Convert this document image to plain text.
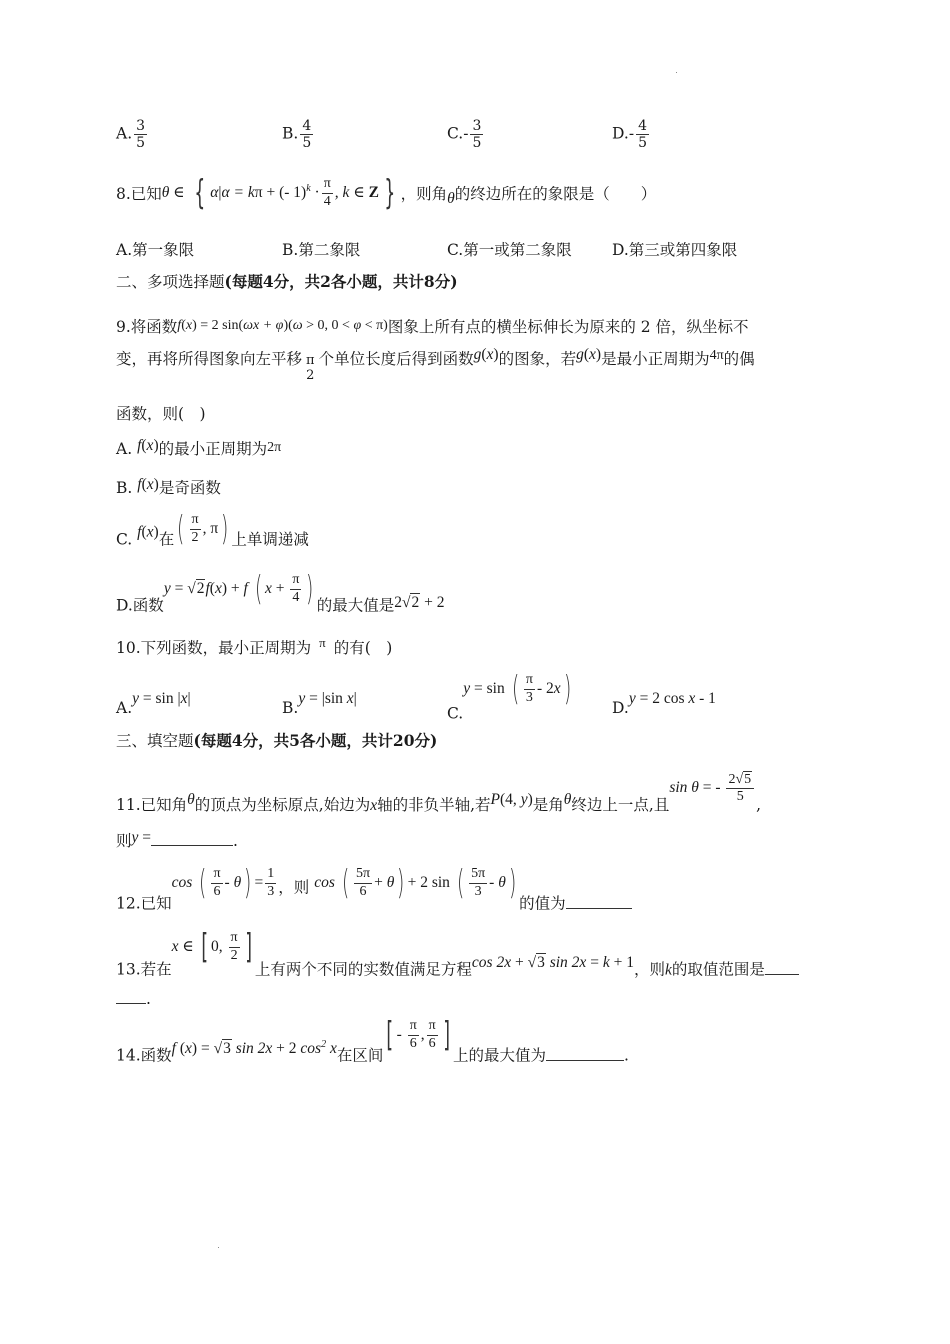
A. $\frac{3}{5}$	B. $\frac{4}{5}$	$C.- \frac{3}{5}$	$D.- \frac{4}{5}$
8.已知θ ∈ { α|α = kπ + (- $1)^k \cdot \frac{\pi}{4}$ , k ∈ Z } ，则角θ的终边所在的象限是（　　）
A.第一象限	B.第二象限	C.第一或第二象限	D.第三或第四象限
二、多项选择题(每题4分，共2各小题，共计8分)
9.将函数f(x) = 2 sin(ωx + φ)(ω > 0, 0 < φ < π)图象上所有点的横坐标伸长为原来的 2 倍，纵坐标不
变，再将所得图象向左平移 π
2
个单位长度后得到函数g(x)的图象，若g(x)是最小正周期为4π的偶
函数，则(　)
A. f(x)的最小正周期为2π
B. f(x)是奇函数
C. f(x)在( $\frac{\pi}{2}$ , π) 上单调递减
D.函数y = √2f(x) + f ( $x + \frac{\pi}{4}$ ) 的最大值是2√2 + 2
10.下列函数，最小正周期为 $^\pi$ 的有(　)
A.y = sin |x|
B.y = |sin x|
C.y = sin ( $\frac{\pi}{3} - 2x$)	D.y = 2 cos x - 1
三、填空题(每题4分，共5各小题，共计20分)
11.已知角θ的顶点为坐标原点,始边为x轴的非负半轴,若P(4, y)是角θ终边上一点,且sin θ = - $\frac{2√5}{5}$ ,
则y =	.
12.已知cos ( $\frac{\pi}{6} - \theta) = \frac{1}{3}$ ，则 cos ( $\frac{5\pi}{6} + \theta) + 2$ sin ( $\frac{5\pi}{3} - \theta$)的值为
13.若在x ∈ [ 0, $\frac{\pi}{2}$ ]上有两个不同的实数值满足方程cos 2x + √3 sin 2x = k + 1，则k的取值范围是
.
14.函数f (x) = √3 sin 2x + 2 $\cos^2 x$在区间[ - $\frac{\pi}{6}$ , $\frac{\pi}{6}$ ]上的最大值为	.
